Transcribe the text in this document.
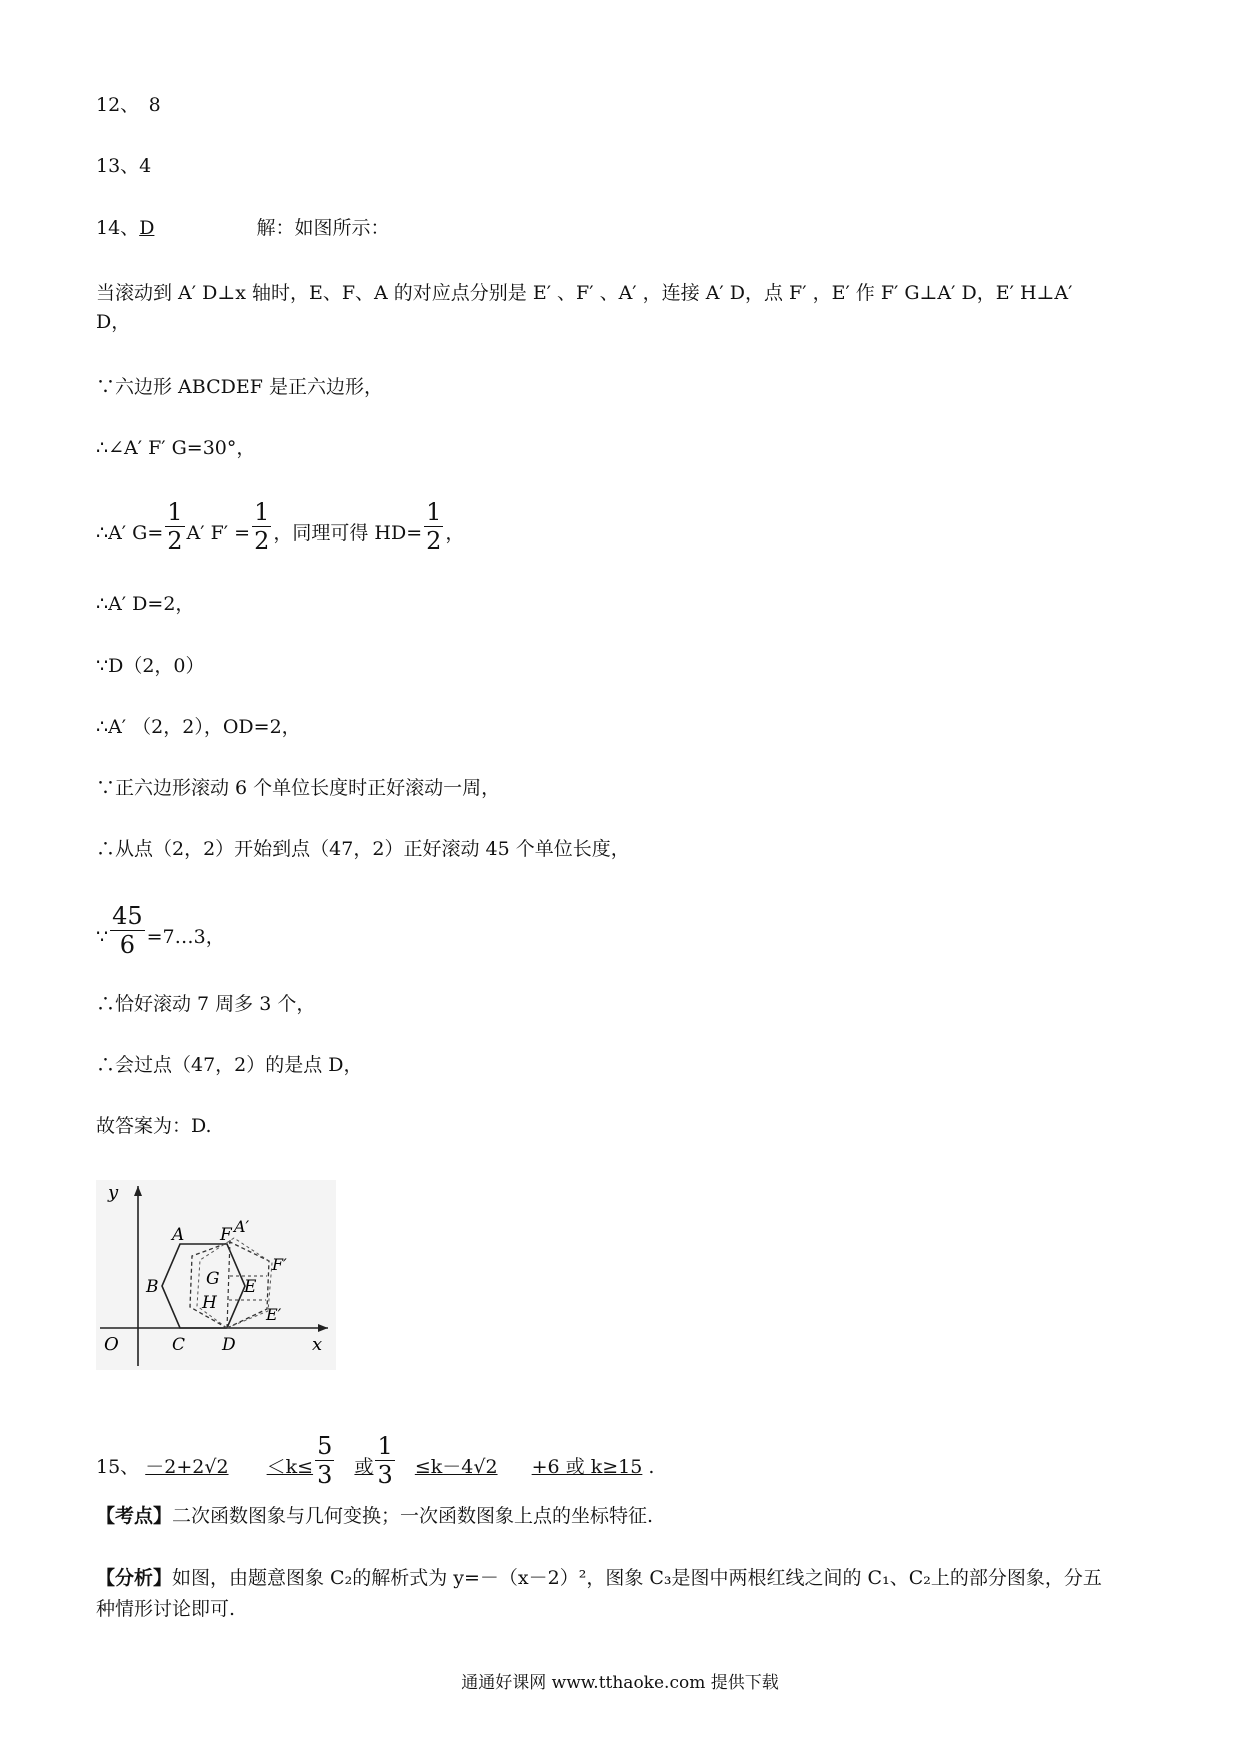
12、　8
13、4
14、D	解：如图所示：
当滚动到 A′ D⊥x 轴时，E、F、A 的对应点分别是 E′ 、F′ 、A′ ，连接 A′ D，点 F′ ，E′ 作 F′ G⊥A′ D，E′ H⊥A′
D，
∵六边形 ABCDEF 是正六边形，
∴∠A′ F′ G=30°，
∴A′ $G= \frac{1}{2} A'$ $F' = \frac{1}{2}$ ，同理可得 $HD= \frac{1}{2}$ ，
∴A′ D=2，
∵D（2，0）
∴A′ （2，2），OD=2，
∵正六边形滚动 6 个单位长度时正好滚动一周，
∴从点（2，2）开始到点（47，2）正好滚动 45 个单位长度，
∵ $\frac{45}{6}$ =7…3，
∴恰好滚动 7 周多 3 个，
∴会过点（47，2）的是点 D，
故答案为：D.
y
x
O
A
B
C D
E
F A′
F′
E′
G
H
15、 $-2+2√2 <k\le \frac{5}{3}$ 或 $\frac{1}{3} \le k-4√2 +6$ 或 k≥15 .
【考点】二次函数图象与几何变换；一次函数图象上点的坐标特征.
【分析】如图，由题意图象 C₂的解析式为 y=－（x－2）²，图象 C₃是图中两根红线之间的 C₁、C₂上的部分图象，分五
种情形讨论即可.
通通好课网 www.tthaoke.com 提供下载
